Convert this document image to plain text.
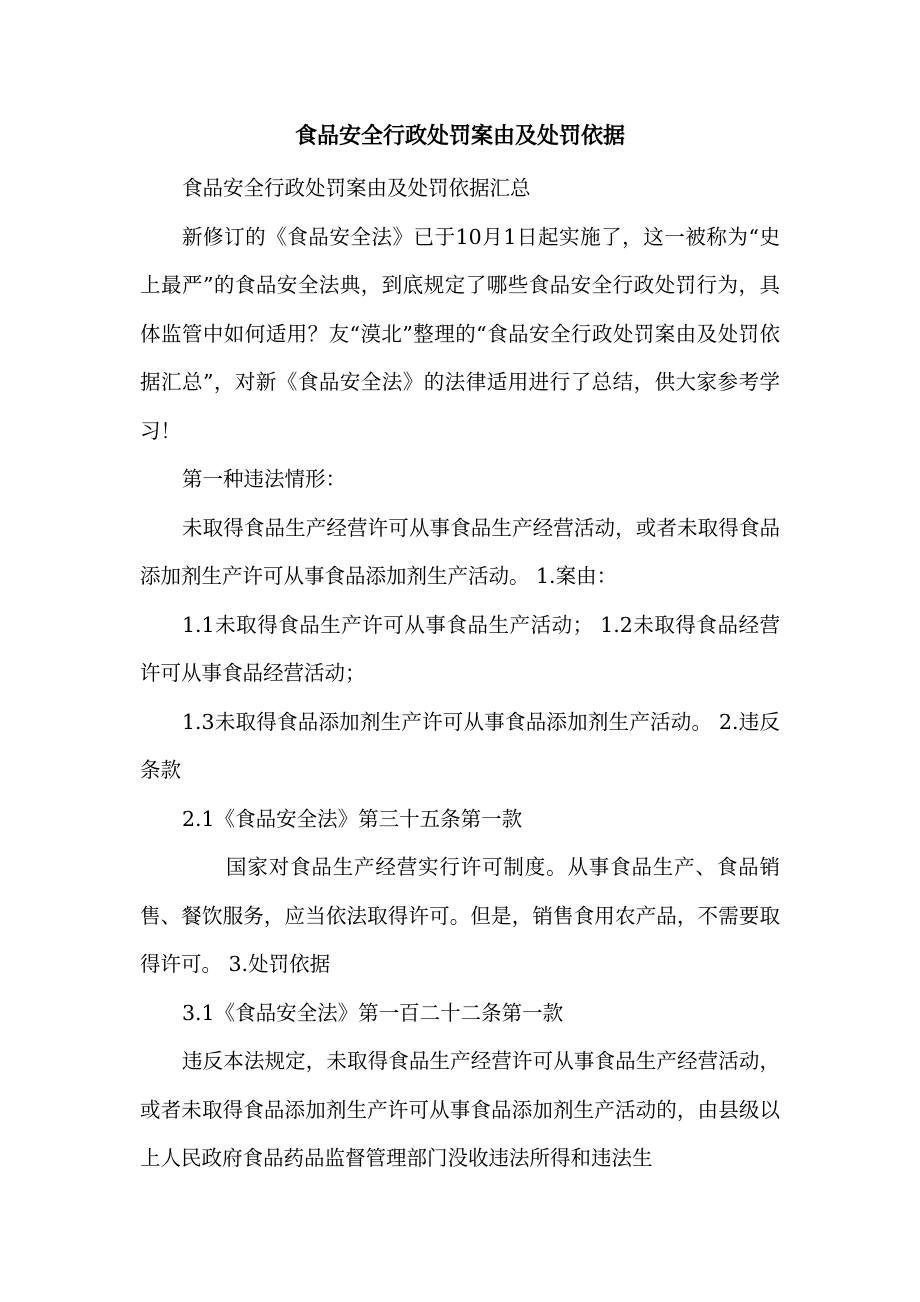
食品安全行政处罚案由及处罚依据

食品安全行政处罚案由及处罚依据汇总

新修订的《食品安全法》已于10月1日起实施了，这一被称为“史上最严”的食品安全法典，到底规定了哪些食品安全行政处罚行为，具体监管中如何适用？友“漠北”整理的“食品安全行政处罚案由及处罚依据汇总”，对新《食品安全法》的法律适用进行了总结，供大家参考学习！

第一种违法情形：

未取得食品生产经营许可从事食品生产经营活动，或者未取得食品添加剂生产许可从事食品添加剂生产活动。 1.案由：

1.1未取得食品生产许可从事食品生产活动； 1.2未取得食品经营许可从事食品经营活动；

1.3未取得食品添加剂生产许可从事食品添加剂生产活动。 2.违反条款

2.1《食品安全法》第三十五条第一款

国家对食品生产经营实行许可制度。从事食品生产、食品销售、餐饮服务，应当依法取得许可。但是，销售食用农产品，不需要取得许可。 3.处罚依据

3.1《食品安全法》第一百二十二条第一款

违反本法规定，未取得食品生产经营许可从事食品生产经营活动，或者未取得食品添加剂生产许可从事食品添加剂生产活动的，由县级以上人民政府食品药品监督管理部门没收违法所得和违法生
